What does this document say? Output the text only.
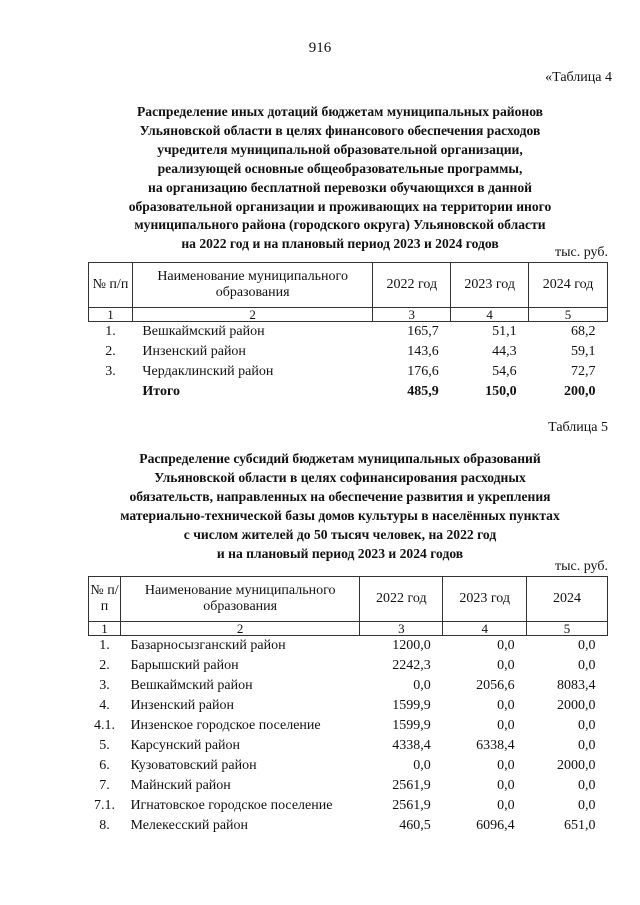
916
«Таблица 4
Распределение иных дотаций бюджетам муниципальных районов
Ульяновской области в целях финансового обеспечения расходов
учредителя муниципальной образовательной организации,
реализующей основные общеобразовательные программы,
на организацию бесплатной перевозки обучающихся в данной
образовательной организации и проживающих на территории иного
муниципального района (городского округа) Ульяновской области
на 2022 год и на плановый период 2023 и 2024 годов
тыс. руб.
№ п/п	Наименование муниципального образования	2022 год	2023 год	2024 год
1	2	3	4	5
1.	Вешкаймский район	165,7	51,1	68,2
2.	Инзенский район	143,6	44,3	59,1
3.	Чердаклинский район	176,6	54,6	72,7
	Итого	485,9	150,0	200,0
Таблица 5
Распределение субсидий бюджетам муниципальных образований
Ульяновской области в целях софинансирования расходных
обязательств, направленных на обеспечение развития и укрепления
материально-технической базы домов культуры в населённых пунктах
с числом жителей до 50 тысяч человек, на 2022 год
и на плановый период 2023 и 2024 годов
тыс. руб.
№ п/п	Наименование муниципального образования	2022 год	2023 год	2024
1	2	3	4	5
1.	Базарносызганский район	1200,0	0,0	0,0
2.	Барышский район	2242,3	0,0	0,0
3.	Вешкаймский район	0,0	2056,6	8083,4
4.	Инзенский район	1599,9	0,0	2000,0
4.1.	Инзенское городское поселение	1599,9	0,0	0,0
5.	Карсунский район	4338,4	6338,4	0,0
6.	Кузоватовский район	0,0	0,0	2000,0
7.	Майнский район	2561,9	0,0	0,0
7.1.	Игнатовское городское поселение	2561,9	0,0	0,0
8.	Мелекесский район	460,5	6096,4	651,0
